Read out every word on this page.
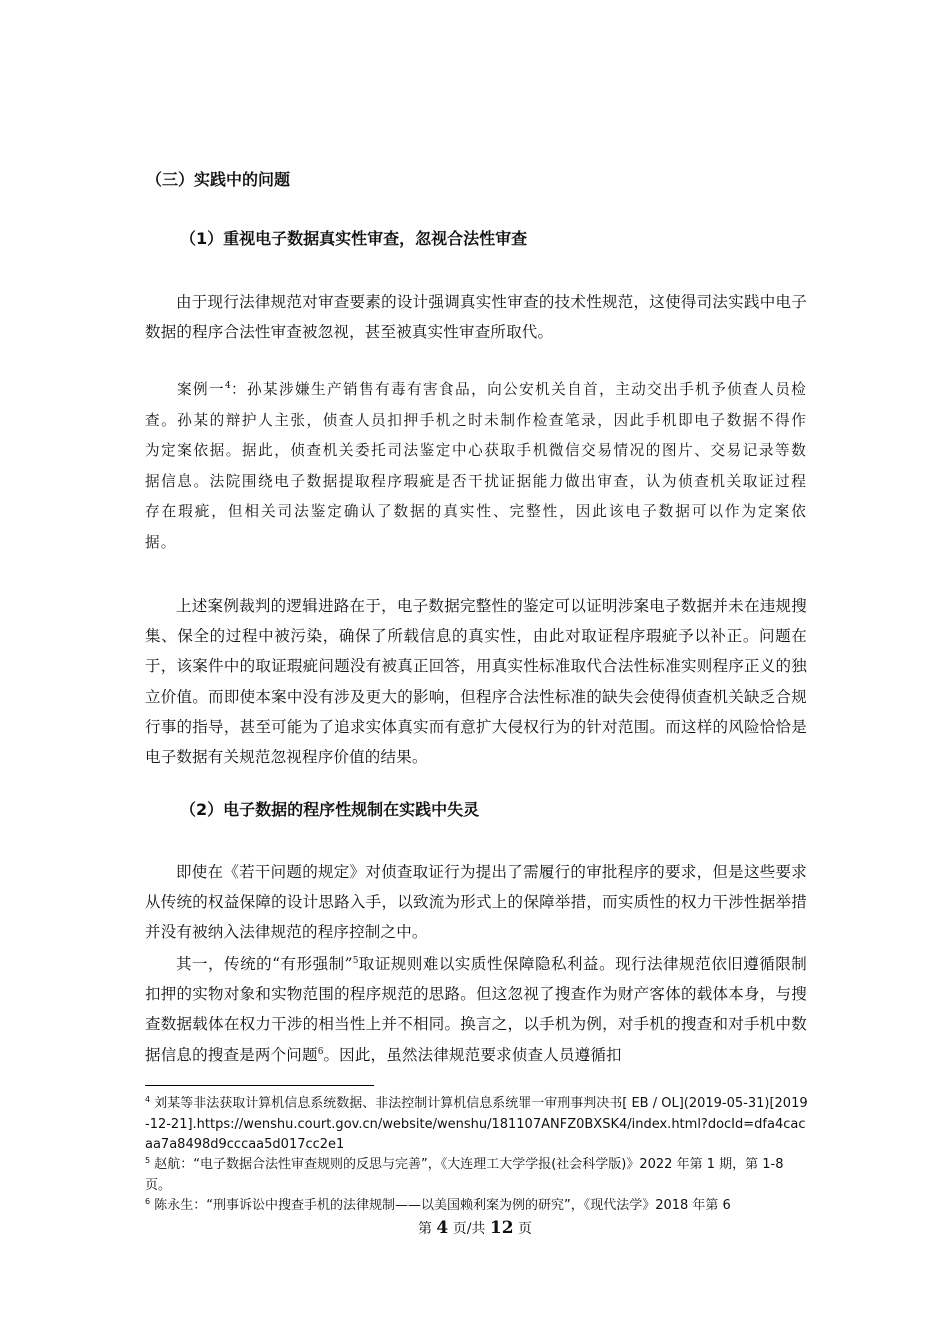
（三）实践中的问题
（1）重视电子数据真实性审查，忽视合法性审查

由于现行法律规范对审查要素的设计强调真实性审查的技术性规范，这使得司法实践中电子数据的程序合法性审查被忽视，甚至被真实性审查所取代。

案例一$^4$：孙某涉嫌生产销售有毒有害食品，向公安机关自首，主动交出手机予侦查人员检查。孙某的辩护人主张，侦查人员扣押手机之时未制作检查笔录，因此手机即电子数据不得作为定案依据。据此，侦查机关委托司法鉴定中心获取手机微信交易情况的图片、交易记录等数据信息。法院围绕电子数据提取程序瑕疵是否干扰证据能力做出审查，认为侦查机关取证过程存在瑕疵，但相关司法鉴定确认了数据的真实性、完整性，因此该电子数据可以作为定案依据。

上述案例裁判的逻辑进路在于，电子数据完整性的鉴定可以证明涉案电子数据并未在违规搜集、保全的过程中被污染，确保了所载信息的真实性，由此对取证程序瑕疵予以补正。问题在于，该案件中的取证瑕疵问题没有被真正回答，用真实性标准取代合法性标准实则程序正义的独立价值。而即使本案中没有涉及更大的影响，但程序合法性标准的缺失会使得侦查机关缺乏合规行事的指导，甚至可能为了追求实体真实而有意扩大侵权行为的针对范围。而这样的风险恰恰是电子数据有关规范忽视程序价值的结果。

（2）电子数据的程序性规制在实践中失灵

即使在《若干问题的规定》对侦查取证行为提出了需履行的审批程序的要求，但是这些要求从传统的权益保障的设计思路入手，以致流为形式上的保障举措，而实质性的权力干涉性据举措并没有被纳入法律规范的程序控制之中。

其一，传统的“有形强制”$^5$取证规则难以实质性保障隐私利益。现行法律规范依旧遵循限制扣押的实物对象和实物范围的程序规范的思路。但这忽视了搜查作为财产客体的载体本身，与搜查数据载体在权力干涉的相当性上并不相同。换言之，以手机为例，对手机的搜查和对手机中数据信息的搜查是两个问题$^6$。因此，虽然法律规范要求侦查人员遵循扣

$^4$ 刘某等非法获取计算机信息系统数据、非法控制计算机信息系统罪一审刑事判决书[ EB / OL](2019-05-31)[2019-12-21].https://wenshu.court.gov.cn/website/wenshu/181107ANFZ0BXSK4/index.html?docId=dfa4cacaa7a8498d9cccaa5d017cc2e1

$^5$ 赵航：“电子数据合法性审查规则的反思与完善”，《大连理工大学学报(社会科学版)》2022 年第 1 期，第 1-8 页。

$^6$ 陈永生：“刑事诉讼中搜查手机的法律规制——以美国赖利案为例的研究”，《现代法学》2018 年第 6

第 4 页/共 12 页
